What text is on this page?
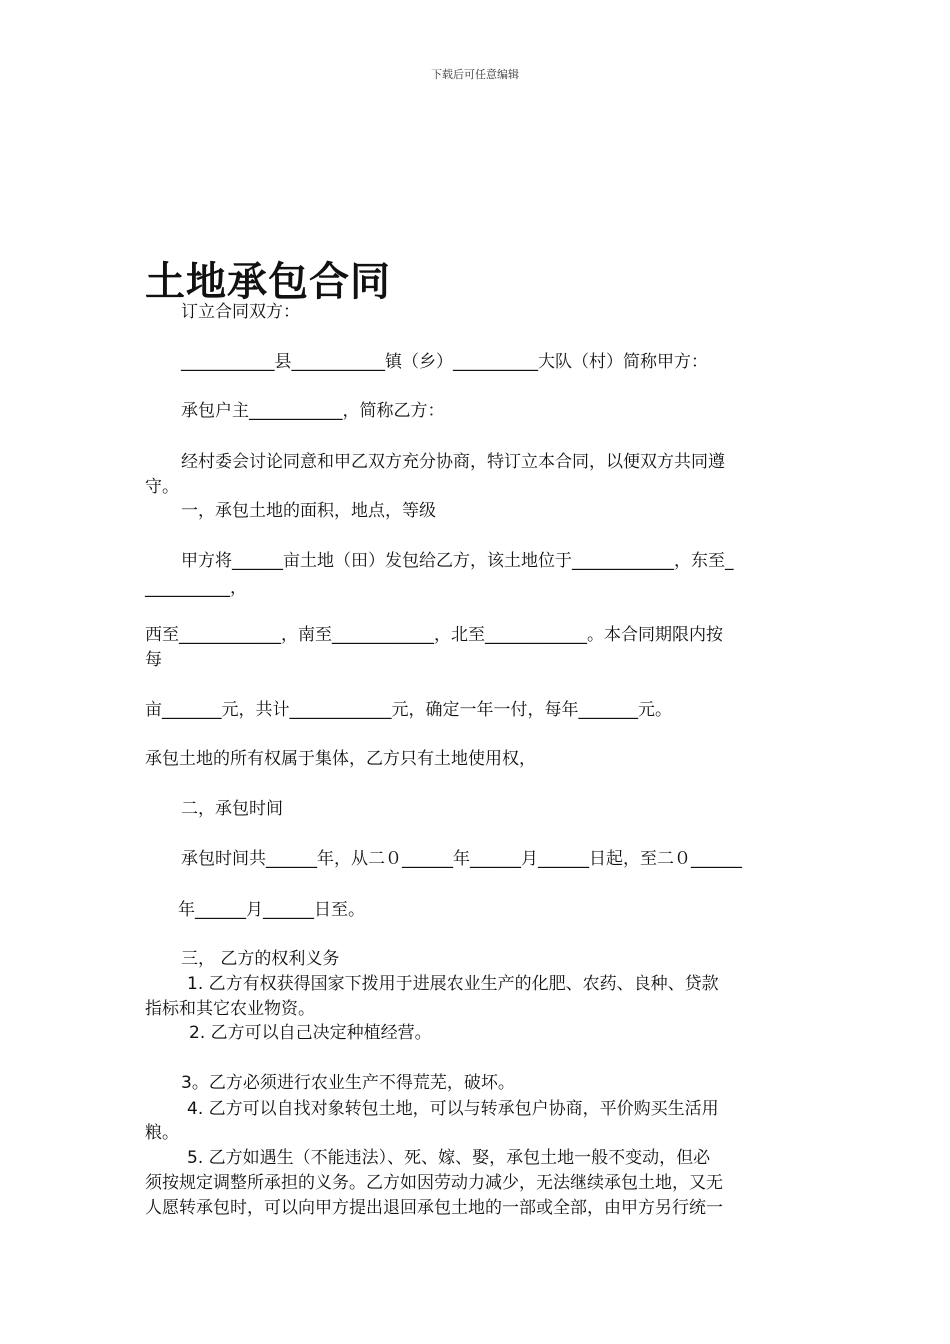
下载后可任意编辑
土地承包合同
订立合同双方：
___________县___________镇（乡）__________大队（村）简称甲方：
承包户主___________，简称乙方：
经村委会讨论同意和甲乙双方充分协商，特订立本合同，以便双方共同遵
守。
一，承包土地的面积，地点，等级
甲方将______亩土地（田）发包给乙方，该土地位于____________，东至_
__________，
西至____________，南至____________，北至____________。本合同期限内按
每
亩_______元，共计____________元，确定一年一付，每年_______元。
承包土地的所有权属于集体，乙方只有土地使用权，
二，承包时间
承包时间共______年，从二０______年______月______日起，至二０______
年______月______日至。
三， 乙方的权利义务
1. 乙方有权获得国家下拨用于进展农业生产的化肥、农药、良种、贷款
指标和其它农业物资。
2. 乙方可以自己决定种植经营。
3。乙方必须进行农业生产不得荒芜，破坏。
4. 乙方可以自找对象转包土地，可以与转承包户协商，平价购买生活用
粮。
5. 乙方如遇生（不能违法）、死、嫁、娶，承包土地一般不变动，但必
须按规定调整所承担的义务。乙方如因劳动力减少，无法继续承包土地，又无
人愿转承包时，可以向甲方提出退回承包土地的一部或全部，由甲方另行统一
